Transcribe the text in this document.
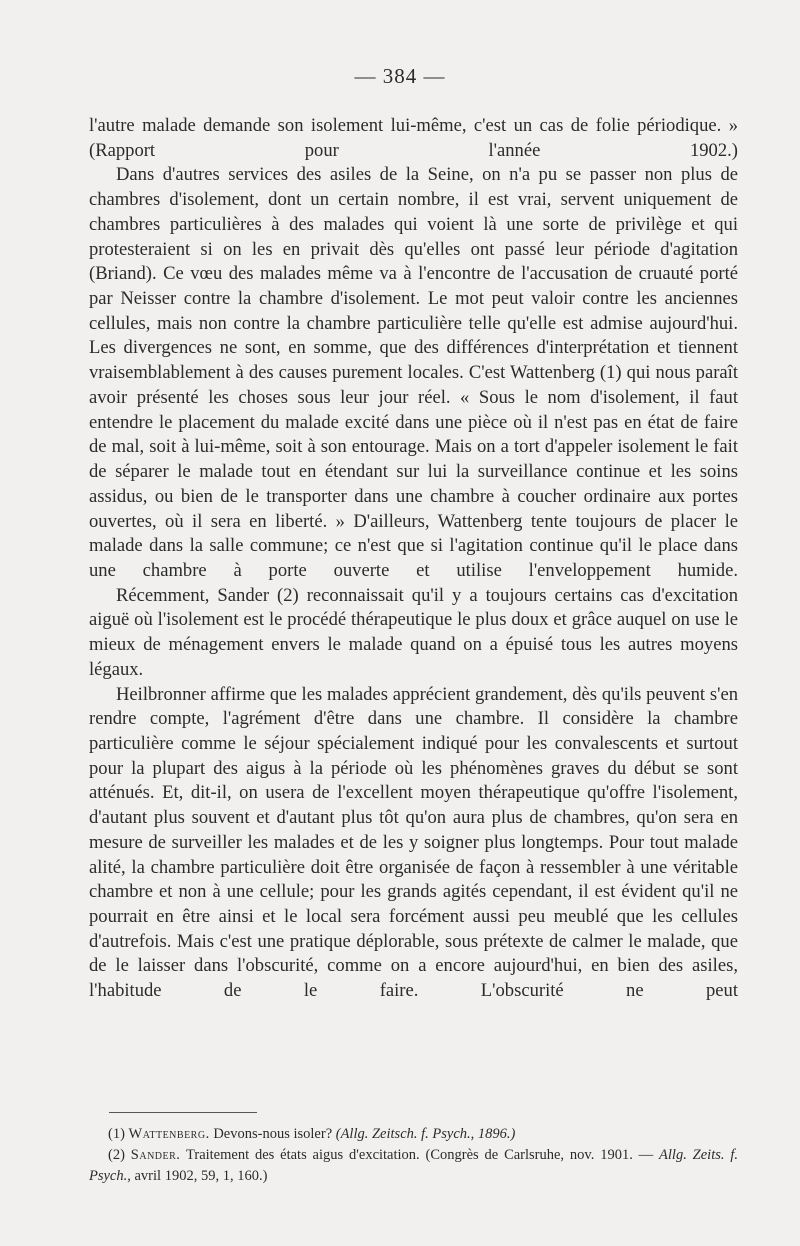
— 384 —

l'autre malade demande son isolement lui-même, c'est un cas de folie périodique. » (Rapport pour l'année 1902.)

Dans d'autres services des asiles de la Seine, on n'a pu se passer non plus de chambres d'isolement, dont un certain nombre, il est vrai, servent uniquement de chambres particulières à des malades qui voient là une sorte de privilège et qui protesteraient si on les en privait dès qu'elles ont passé leur période d'agitation (Briand). Ce vœu des malades même va à l'encontre de l'accusation de cruauté porté par Neisser contre la chambre d'isolement. Le mot peut valoir contre les anciennes cellules, mais non contre la chambre particulière telle qu'elle est admise aujourd'hui. Les divergences ne sont, en somme, que des différences d'interprétation et tiennent vraisemblablement à des causes purement locales. C'est Wattenberg (1) qui nous paraît avoir présenté les choses sous leur jour réel. « Sous le nom d'isolement, il faut entendre le placement du malade excité dans une pièce où il n'est pas en état de faire de mal, soit à lui-même, soit à son entourage. Mais on a tort d'appeler isolement le fait de séparer le malade tout en étendant sur lui la surveillance continue et les soins assidus, ou bien de le transporter dans une chambre à coucher ordinaire aux portes ouvertes, où il sera en liberté. » D'ailleurs, Wattenberg tente toujours de placer le malade dans la salle commune; ce n'est que si l'agitation continue qu'il le place dans une chambre à porte ouverte et utilise l'enveloppement humide.

Récemment, Sander (2) reconnaissait qu'il y a toujours certains cas d'excitation aiguë où l'isolement est le procédé thérapeutique le plus doux et grâce auquel on use le mieux de ménagement envers le malade quand on a épuisé tous les autres moyens légaux.

Heilbronner affirme que les malades apprécient grandement, dès qu'ils peuvent s'en rendre compte, l'agrément d'être dans une chambre. Il considère la chambre particulière comme le séjour spécialement indiqué pour les convalescents et surtout pour la plupart des aigus à la période où les phénomènes graves du début se sont atténués. Et, dit-il, on usera de l'excellent moyen thérapeutique qu'offre l'isolement, d'autant plus souvent et d'autant plus tôt qu'on aura plus de chambres, qu'on sera en mesure de surveiller les malades et de les y soigner plus longtemps. Pour tout malade alité, la chambre particulière doit être organisée de façon à ressembler à une véritable chambre et non à une cellule; pour les grands agités cependant, il est évident qu'il ne pourrait en être ainsi et le local sera forcément aussi peu meublé que les cellules d'autrefois. Mais c'est une pratique déplorable, sous prétexte de calmer le malade, que de le laisser dans l'obscurité, comme on a encore aujourd'hui, en bien des asiles, l'habitude de le faire. L'obscurité ne peut

(1) Wattenberg. Devons-nous isoler? (Allg. Zeitsch. f. Psych., 1896.)

(2) Sander. Traitement des états aigus d'excitation. (Congrès de Carlsruhe, nov. 1901. — Allg. Zeits. f. Psych., avril 1902, 59, 1, 160.)
